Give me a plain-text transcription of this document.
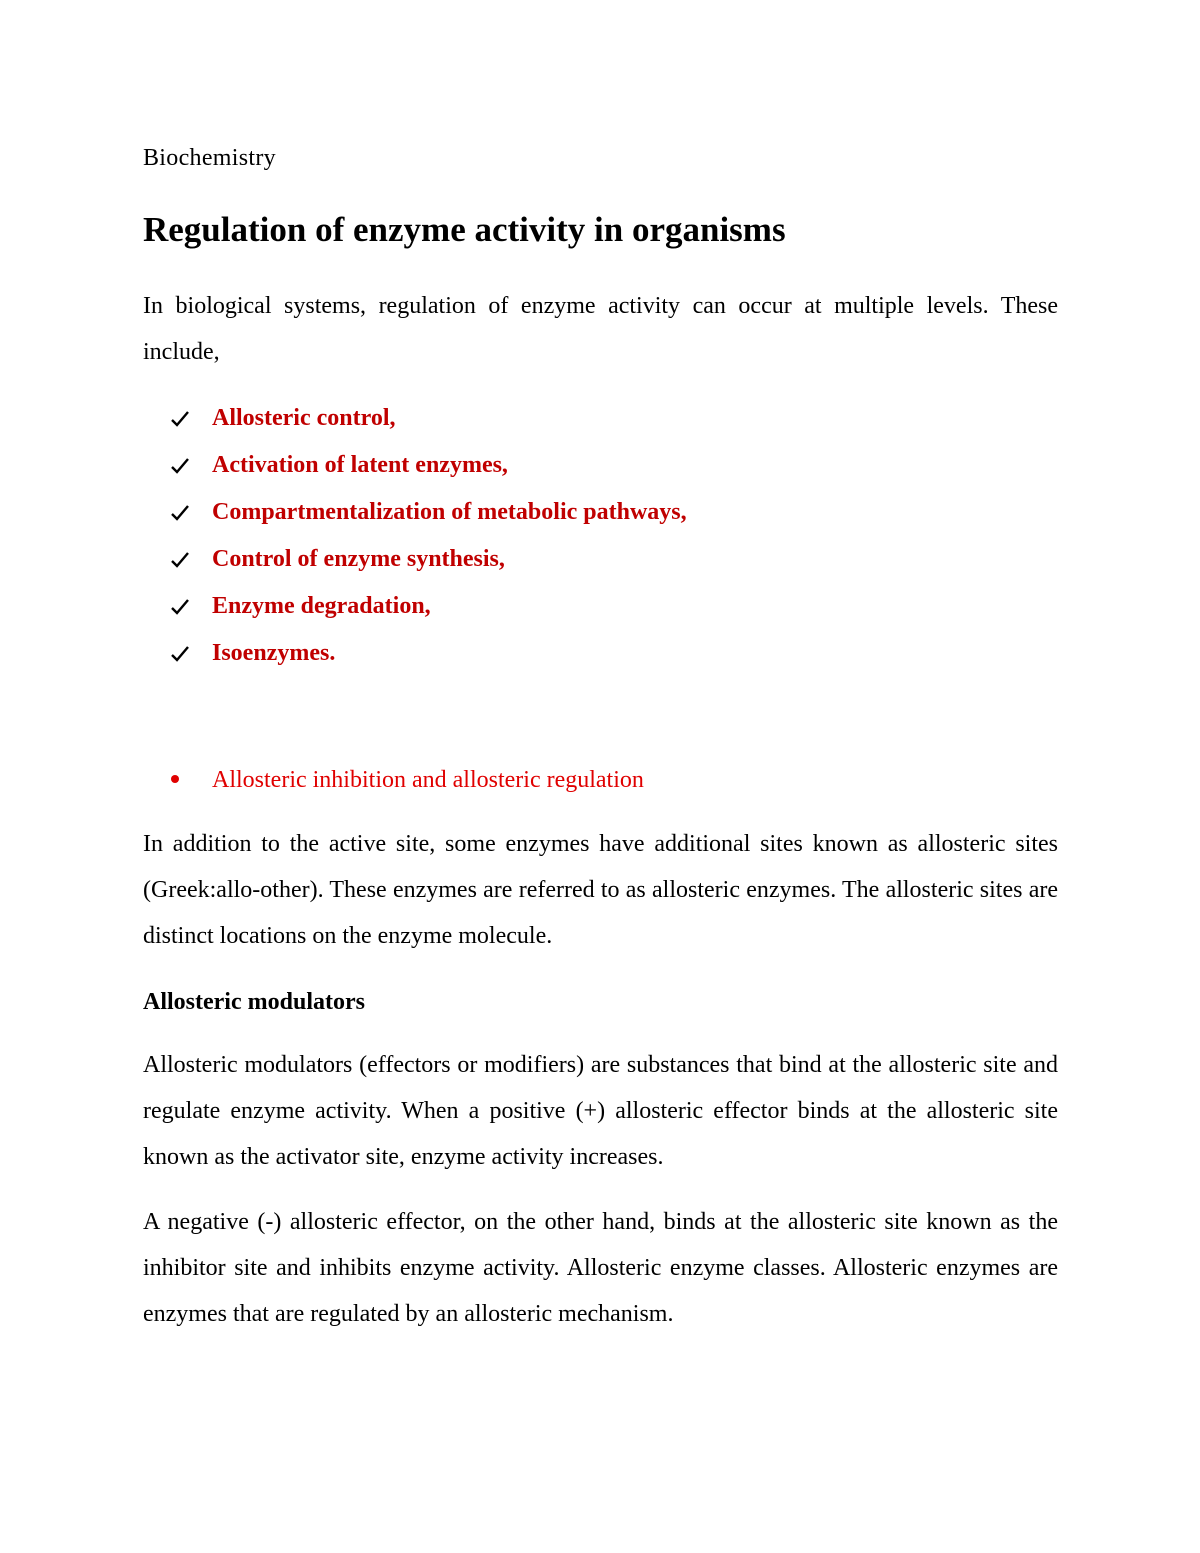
Biochemistry
Regulation of enzyme activity in organisms

In biological systems, regulation of enzyme activity can occur at multiple levels. These include,

Allosteric control,
Activation of latent enzymes,
Compartmentalization of metabolic pathways,
Control of enzyme synthesis,
Enzyme degradation,
Isoenzymes.
Allosteric inhibition and allosteric regulation

In addition to the active site, some enzymes have additional sites known as allosteric sites (Greek:allo-other). These enzymes are referred to as allosteric enzymes. The allosteric sites are distinct locations on the enzyme molecule.

Allosteric modulators

Allosteric modulators (effectors or modifiers) are substances that bind at the allosteric site and regulate enzyme activity. When a positive (+) allosteric effector binds at the allosteric site known as the activator site, enzyme activity increases.

A negative (-) allosteric effector, on the other hand, binds at the allosteric site known as the inhibitor site and inhibits enzyme activity. Allosteric enzyme classes. Allosteric enzymes are enzymes that are regulated by an allosteric mechanism.
